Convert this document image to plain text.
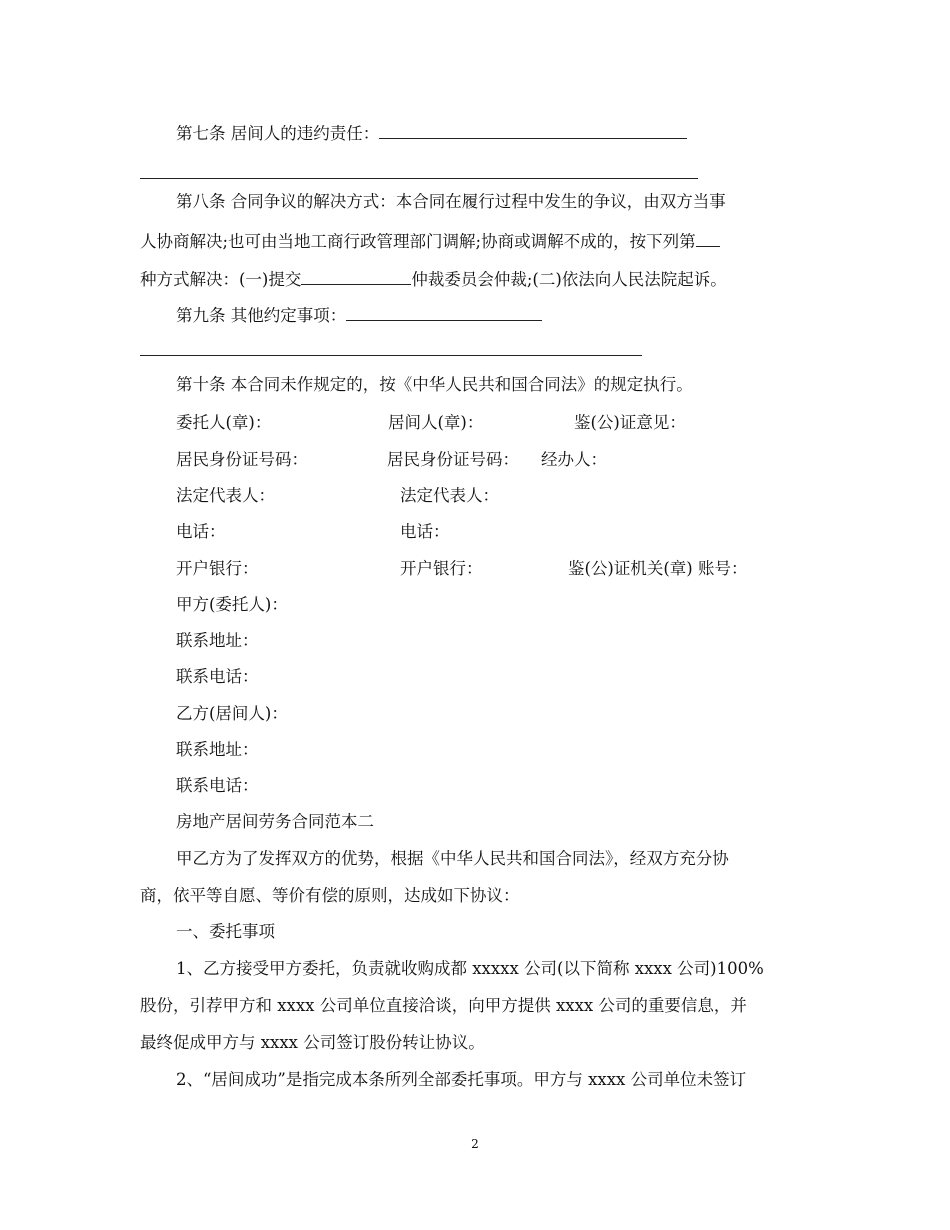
第七条 居间人的违约责任：
第八条 合同争议的解决方式：本合同在履行过程中发生的争议，由双方当事
人协商解决;也可由当地工商行政管理部门调解;协商或调解不成的，按下列第
种方式解决：(一)提交	仲裁委员会仲裁;(二)依法向人民法院起诉。
第九条 其他约定事项：
第十条 本合同未作规定的，按《中华人民共和国合同法》的规定执行。
委托人(章)：	居间人(章)：	鉴(公)证意见：
居民身份证号码：	居民身份证号码： 经办人：
法定代表人：	法定代表人：
电话：	电话：
开户银行：	开户银行：	鉴(公)证机关(章) 账号：
甲方(委托人)：
联系地址：
联系电话：
乙方(居间人)：
联系地址：
联系电话：
房地产居间劳务合同范本二
甲乙方为了发挥双方的优势，根据《中华人民共和国合同法》，经双方充分协
商，依平等自愿、等价有偿的原则，达成如下协议：
一、委托事项
1、乙方接受甲方委托，负责就收购成都 xxxxx 公司(以下简称 xxxx 公司)100%
股份，引荐甲方和 xxxx 公司单位直接洽谈，向甲方提供 xxxx 公司的重要信息，并
最终促成甲方与 xxxx 公司签订股份转让协议。
2、“居间成功”是指完成本条所列全部委托事项。甲方与 xxxx 公司单位未签订
2
